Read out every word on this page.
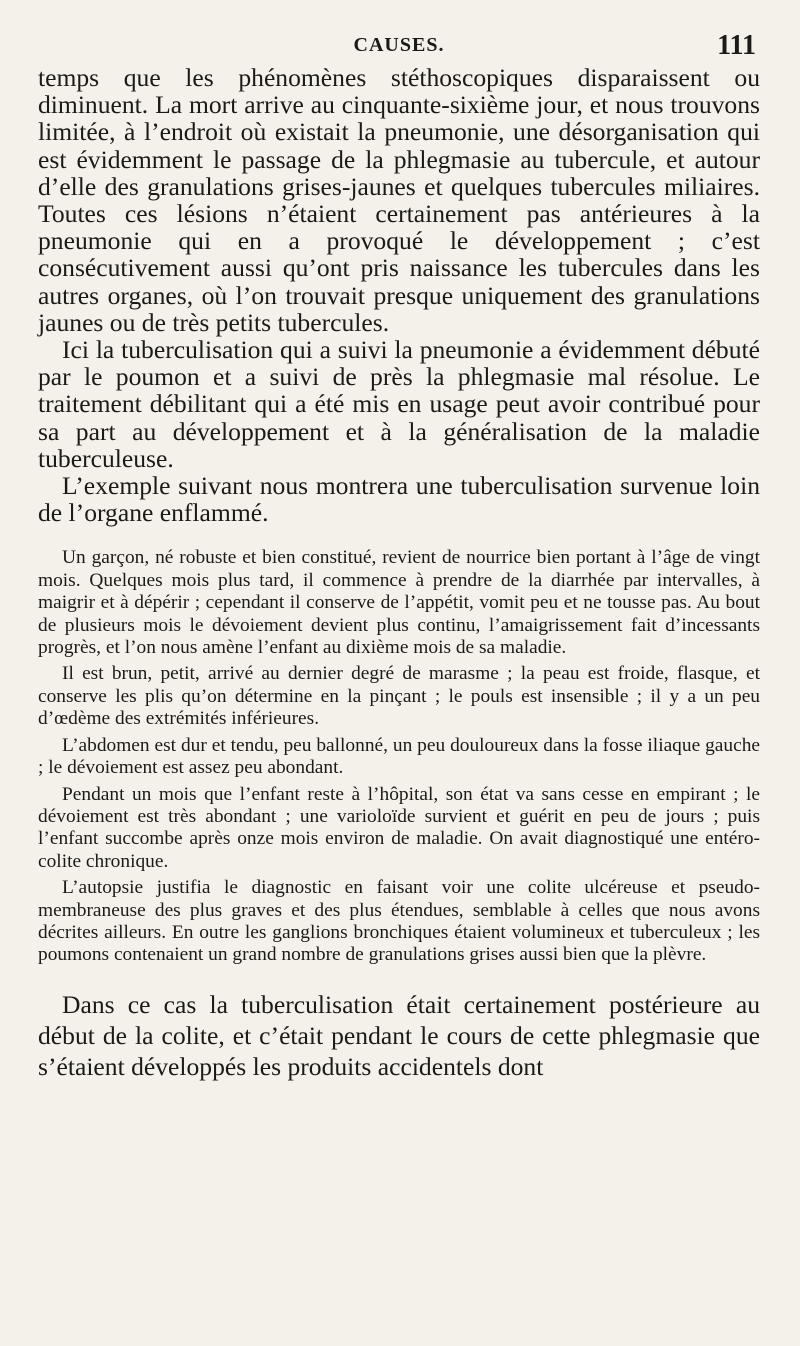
CAUSES.	111

temps que les phénomènes stéthoscopiques disparaissent ou diminuent. La mort arrive au cinquante-sixième jour, et nous trouvons limitée, à l’endroit où existait la pneumonie, une désorganisation qui est évidemment le passage de la phlegmasie au tubercule, et autour d’elle des granulations grises-jaunes et quelques tubercules miliaires. Toutes ces lésions n’étaient certainement pas antérieures à la pneumonie qui en a provoqué le développement ; c’est consécutivement aussi qu’ont pris naissance les tubercules dans les autres organes, où l’on trouvait presque uniquement des granulations jaunes ou de très petits tubercules.

Ici la tuberculisation qui a suivi la pneumonie a évidemment débuté par le poumon et a suivi de près la phlegmasie mal résolue. Le traitement débilitant qui a été mis en usage peut avoir contribué pour sa part au développement et à la généralisation de la maladie tuberculeuse.

L’exemple suivant nous montrera une tuberculisation survenue loin de l’organe enflammé.

Un garçon, né robuste et bien constitué, revient de nourrice bien portant à l’âge de vingt mois. Quelques mois plus tard, il commence à prendre de la diarrhée par intervalles, à maigrir et à dépérir ; cependant il conserve de l’appétit, vomit peu et ne tousse pas. Au bout de plusieurs mois le dévoiement devient plus continu, l’amaigrissement fait d’incessants progrès, et l’on nous amène l’enfant au dixième mois de sa maladie.

Il est brun, petit, arrivé au dernier degré de marasme ; la peau est froide, flasque, et conserve les plis qu’on détermine en la pinçant ; le pouls est insensible ; il y a un peu d’œdème des extrémités inférieures.

L’abdomen est dur et tendu, peu ballonné, un peu douloureux dans la fosse iliaque gauche ; le dévoiement est assez peu abondant.

Pendant un mois que l’enfant reste à l’hôpital, son état va sans cesse en empirant ; le dévoiement est très abondant ; une varioloïde survient et guérit en peu de jours ; puis l’enfant succombe après onze mois environ de maladie. On avait diagnostiqué une entéro-colite chronique.

L’autopsie justifia le diagnostic en faisant voir une colite ulcéreuse et pseudo-membraneuse des plus graves et des plus étendues, semblable à celles que nous avons décrites ailleurs. En outre les ganglions bronchiques étaient volumineux et tuberculeux ; les poumons contenaient un grand nombre de granulations grises aussi bien que la plèvre.

Dans ce cas la tuberculisation était certainement postérieure au début de la colite, et c’était pendant le cours de cette phlegmasie que s’étaient développés les produits accidentels dont
